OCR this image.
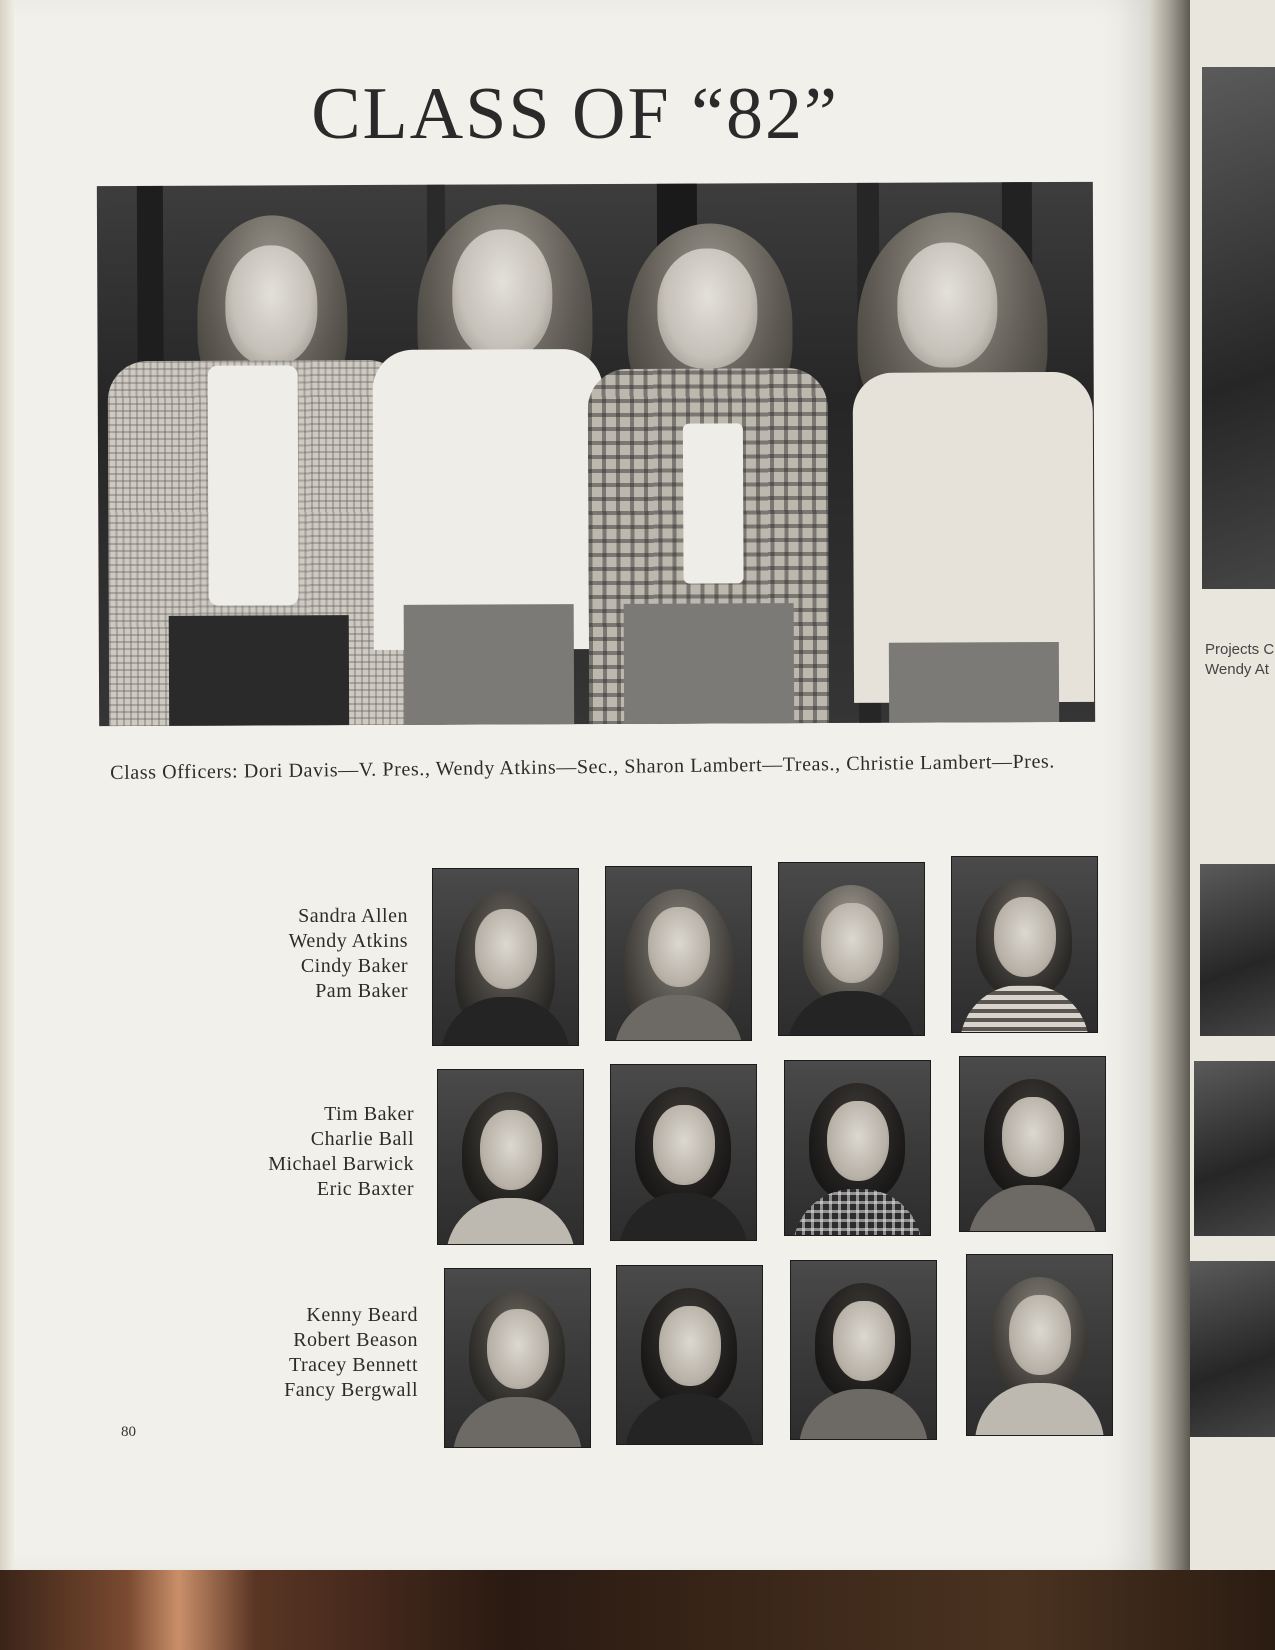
CLASS OF “82”

Class Officers: Dori Davis—V. Pres., Wendy Atkins—Sec., Sharon Lambert—Treas., Christie Lambert—Pres.

Sandra Allen
Wendy Atkins
Cindy Baker
Pam Baker
Tim Baker
Charlie Ball
Michael Barwick
Eric Baxter
Kenny Beard
Robert Beason
Tracey Bennett
Fancy Bergwall
80
Projects C
Wendy At
